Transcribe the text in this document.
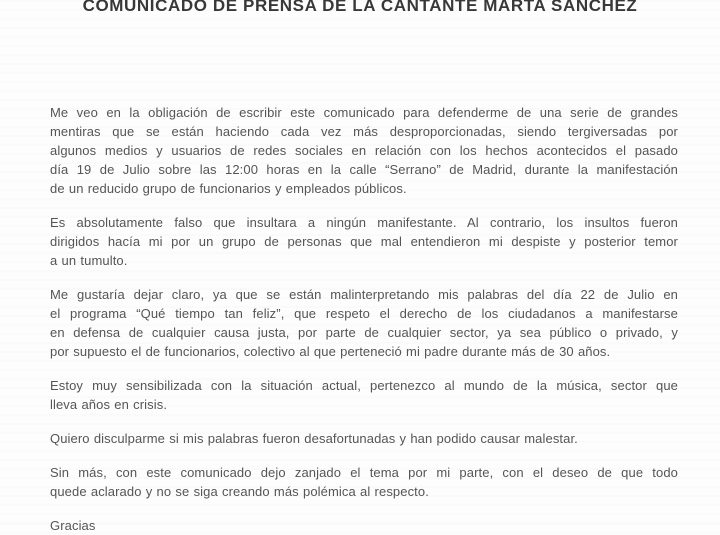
COMUNICADO DE PRENSA DE LA CANTANTE MARTA SANCHEZ
Me veo en la obligación de escribir este comunicado para defenderme de una serie de grandes
mentiras que se están haciendo cada vez más desproporcionadas, siendo tergiversadas por
algunos medios y usuarios de redes sociales en relación con los hechos acontecidos el pasado
día 19 de Julio sobre las 12:00 horas en la calle “Serrano” de Madrid, durante la manifestación
de un reducido grupo de funcionarios y empleados públicos.
Es absolutamente falso que insultara a ningún manifestante. Al contrario, los insultos fueron
dirigidos hacía mi por un grupo de personas que mal entendieron mi despiste y posterior temor
a un tumulto.
Me gustaría dejar claro, ya que se están malinterpretando mis palabras del día 22 de Julio en
el programa “Qué tiempo tan feliz”, que respeto el derecho de los ciudadanos a manifestarse
en defensa de cualquier causa justa, por parte de cualquier sector, ya sea público o privado, y
por supuesto el de funcionarios, colectivo al que perteneció mi padre durante más de 30 años.
Estoy muy sensibilizada con la situación actual, pertenezco al mundo de la música, sector que
lleva años en crisis.
Quiero disculparme si mis palabras fueron desafortunadas y han podido causar malestar.
Sin más, con este comunicado dejo zanjado el tema por mi parte, con el deseo de que todo
quede aclarado y no se siga creando más polémica al respecto.

Gracias
